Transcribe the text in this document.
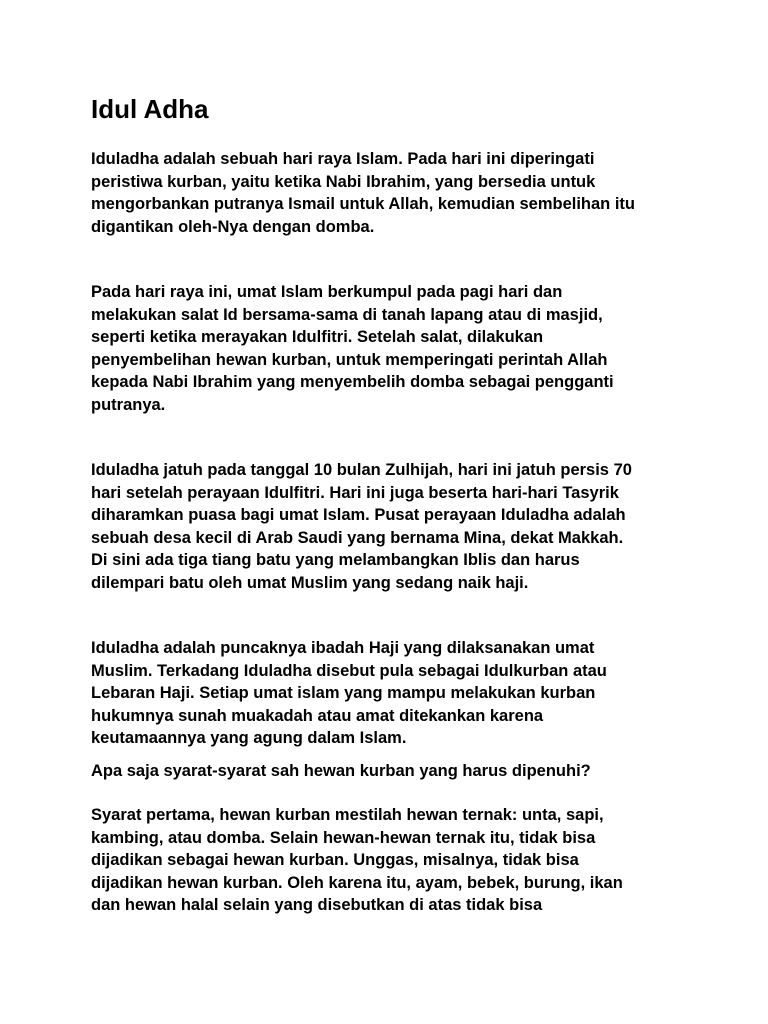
Idul Adha
Iduladha adalah sebuah hari raya Islam. Pada hari ini diperingati
peristiwa kurban, yaitu ketika Nabi Ibrahim, yang bersedia untuk
mengorbankan putranya Ismail untuk Allah, kemudian sembelihan itu
digantikan oleh-Nya dengan domba.
Pada hari raya ini, umat Islam berkumpul pada pagi hari dan
melakukan salat Id bersama-sama di tanah lapang atau di masjid,
seperti ketika merayakan Idulfitri. Setelah salat, dilakukan
penyembelihan hewan kurban, untuk memperingati perintah Allah
kepada Nabi Ibrahim yang menyembelih domba sebagai pengganti
putranya.
Iduladha jatuh pada tanggal 10 bulan Zulhijah, hari ini jatuh persis 70
hari setelah perayaan Idulfitri. Hari ini juga beserta hari-hari Tasyrik
diharamkan puasa bagi umat Islam. Pusat perayaan Iduladha adalah
sebuah desa kecil di Arab Saudi yang bernama Mina, dekat Makkah.
Di sini ada tiga tiang batu yang melambangkan Iblis dan harus
dilempari batu oleh umat Muslim yang sedang naik haji.
Iduladha adalah puncaknya ibadah Haji yang dilaksanakan umat
Muslim. Terkadang Iduladha disebut pula sebagai Idulkurban atau
Lebaran Haji. Setiap umat islam yang mampu melakukan kurban
hukumnya sunah muakadah atau amat ditekankan karena
keutamaannya yang agung dalam Islam.
Apa saja syarat-syarat sah hewan kurban yang harus dipenuhi?
Syarat pertama, hewan kurban mestilah hewan ternak: unta, sapi,
kambing, atau domba. Selain hewan-hewan ternak itu, tidak bisa
dijadikan sebagai hewan kurban. Unggas, misalnya, tidak bisa
dijadikan hewan kurban. Oleh karena itu, ayam, bebek, burung, ikan
dan hewan halal selain yang disebutkan di atas tidak bisa
